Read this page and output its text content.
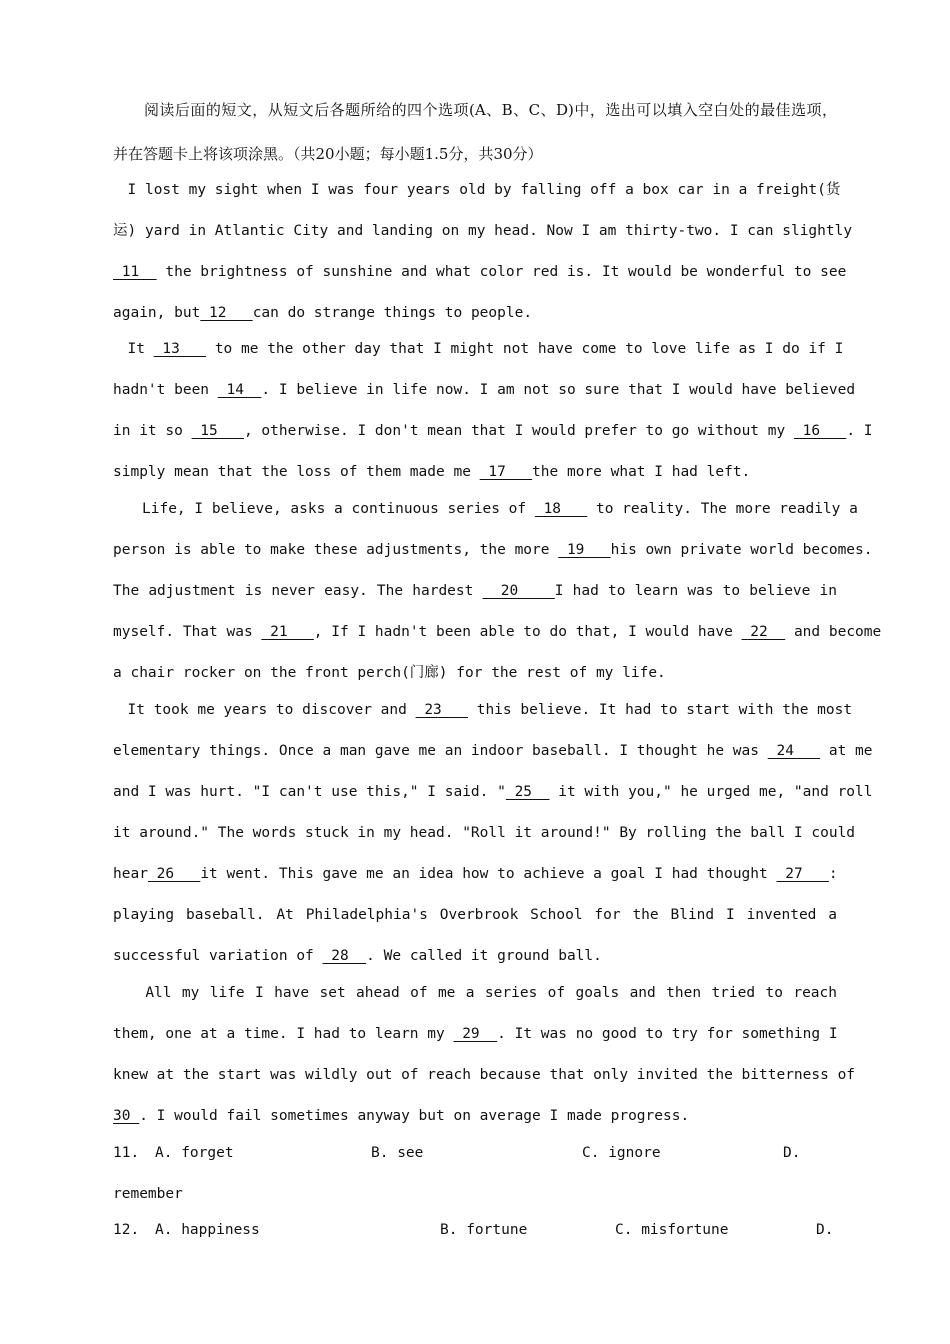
　　阅读后面的短文，从短文后各题所给的四个选项(A、B、C、D)中，选出可以填入空白处的最佳选项，
并在答题卡上将该项涂黑。（共20小题；每小题1.5分，共30分）
　I lost my sight when I was four years old by falling off a box car in a freight(货
运) yard in Atlantic City and landing on my head. Now I am thirty-two. I can slightly
11   the brightness of sunshine and what color red is. It would be wonderful to see
again, but 12   can do strange things to people.
　It  13    to me the other day that I might not have come to love life as I do if I
hadn't been  14  . I believe in life now. I am not so sure that I would have believed
in it so  15   , otherwise. I don't mean that I would prefer to go without my  16   . I
simply mean that the loss of them made me  17   the more what I had left.
　　Life, I believe, asks a continuous series of  18    to reality. The more readily a
person is able to make these adjustments, the more  19   his own private world becomes.
The adjustment is never easy. The hardest   20    I had to learn was to believe in
myself. That was  21   , If I hadn't been able to do that, I would have  22   and become
a chair rocker on the front perch(门廊) for the rest of my life.
　It took me years to discover and  23    this believe. It had to start with the most
elementary things. Once a man gave me an indoor baseball. I thought he was  24    at me
and I was hurt. "I can't use this," I said. " 25   it with you," he urged me, "and roll
it around." The words stuck in my head. "Roll it around!" By rolling the ball I could
hear 26   it went. This gave me an idea how to achieve a goal I had thought  27   :
playing baseball. At Philadelphia's Overbrook School for the Blind I invented a
successful variation of  28  . We called it ground ball.
　　All my life I have set ahead of me a series of goals and then tried to reach
them, one at a time. I had to learn my  29  . It was no good to try for something I
knew at the start was wildly out of reach because that only invited the bitterness of
30 . I would fail sometimes anyway but on average I made progress.
11. A. forget	B. see	C. ignore	D.
remember
12. A. happiness	B. fortune	C. misfortune	D.
